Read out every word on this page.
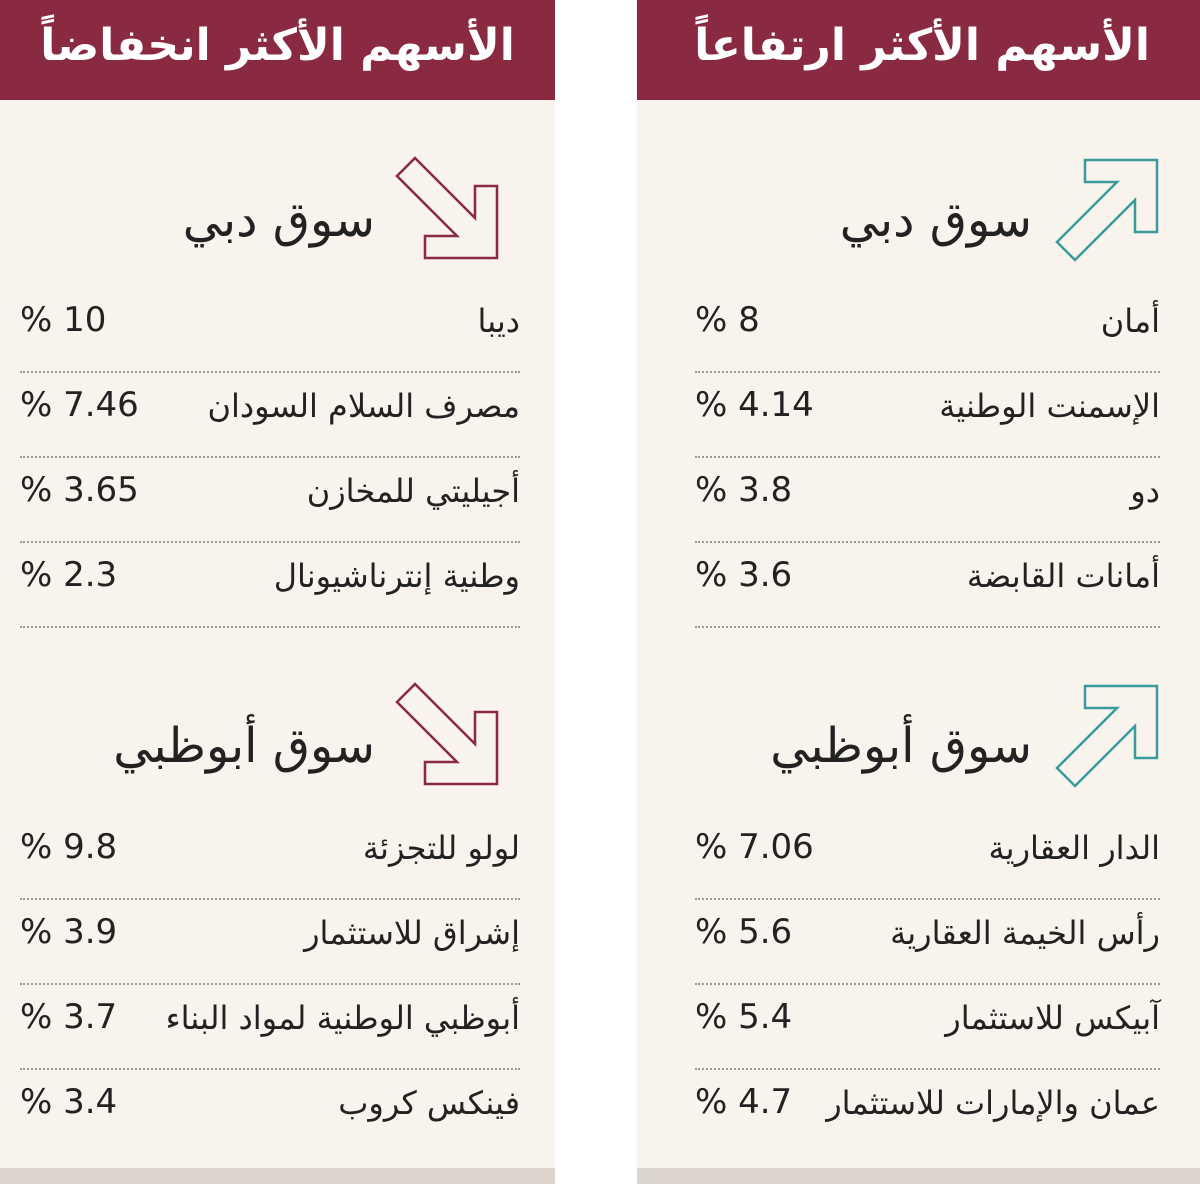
الأسهم الأكثر انخفاضاً
سوق دبي
ديبا
% 10
مصرف السلام السودان
% 7.46
أجيليتي للمخازن
% 3.65
وطنية إنترناشيونال
% 2.3
سوق أبوظبي
لولو للتجزئة
% 9.8
إشراق للاستثمار
% 3.9
أبوظبي الوطنية لمواد البناء
% 3.7
فينكس كروب
% 3.4
الأسهم الأكثر ارتفاعاً
سوق دبي
أمان
% 8
الإسمنت الوطنية
% 4.14
دو
% 3.8
أمانات القابضة
% 3.6
سوق أبوظبي
الدار العقارية
% 7.06
رأس الخيمة العقارية
% 5.6
آبيكس للاستثمار
% 5.4
عمان والإمارات للاستثمار
% 4.7
